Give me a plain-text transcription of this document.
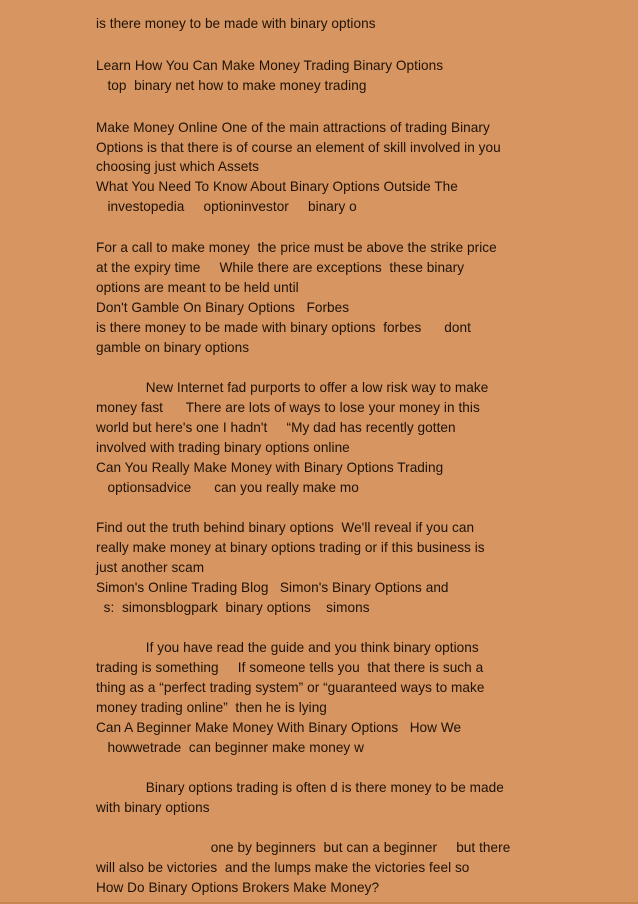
is there money to be made with binary options

Learn How You Can Make Money Trading Binary Options

top  binary net how to make money trading

Make Money Online One of the main attractions of trading Binary

Options is that there is of course an element of skill involved in you

choosing just which Assets

What You Need To Know About Binary Options Outside The

investopedia     optioninvestor     binary o

For a call to make money  the price must be above the strike price

at the expiry time     While there are exceptions  these binary

options are meant to be held until

Don't Gamble On Binary Options   Forbes

is there money to be made with binary options  forbes      dont

gamble on binary options

New Internet fad purports to offer a low risk way to make

money fast      There are lots of ways to lose your money in this

world but here's one I hadn't     “My dad has recently gotten

involved with trading binary options online

Can You Really Make Money with Binary Options Trading

optionsadvice      can you really make mo

Find out the truth behind binary options  We'll reveal if you can

really make money at binary options trading or if this business is

just another scam

Simon's Online Trading Blog   Simon's Binary Options and

s:  simonsblogpark  binary options    simons

If you have read the guide and you think binary options

trading is something     If someone tells you  that there is such a

thing as a “perfect trading system” or “guaranteed ways to make

money trading online”  then he is lying

Can A Beginner Make Money With Binary Options   How We

howwetrade  can beginner make money w

Binary options trading is often d is there money to be made

with binary options

one by beginners  but can a beginner     but there

will also be victories  and the lumps make the victories feel so

How Do Binary Options Brokers Make Money?
